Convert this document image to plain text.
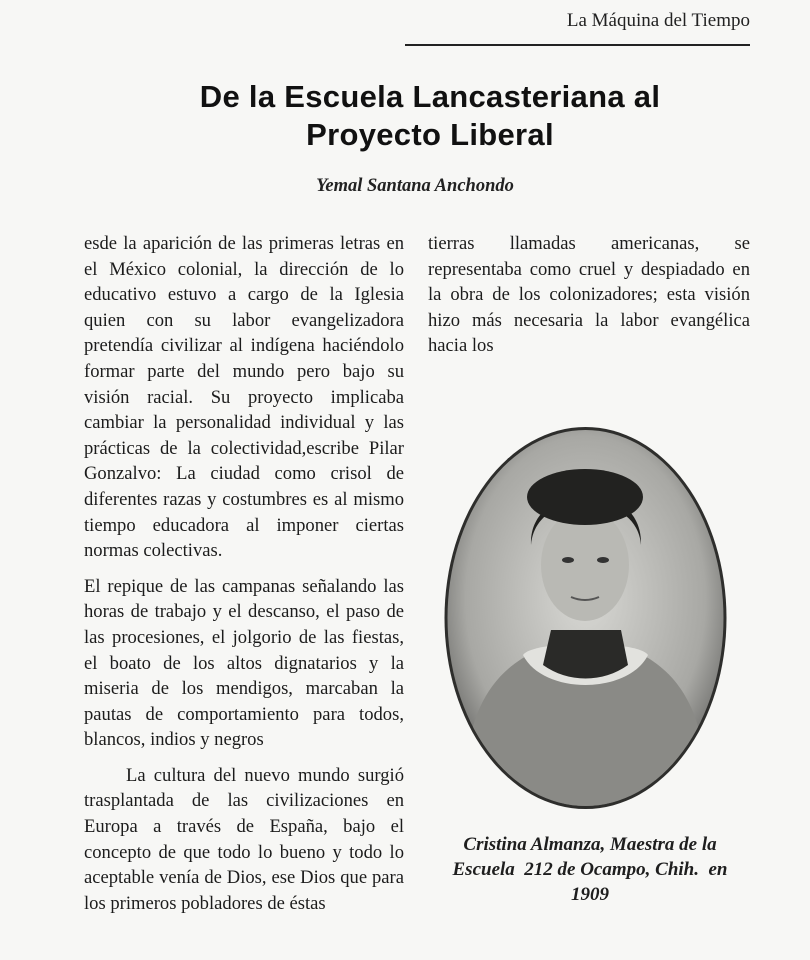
La Máquina del Tiempo
De la Escuela Lancasteriana al
Proyecto Liberal
Yemal Santana Anchondo

esde la aparición de las primeras letras en el México colonial, la dirección de lo educativo estuvo a cargo de la Iglesia quien con su labor evangelizadora pretendía civilizar al indígena haciéndolo formar parte del mundo pero bajo su visión racial. Su proyecto implicaba cambiar la personalidad individual y las prácticas de la colectividad,escribe Pilar Gonzalvo: La ciudad como crisol de diferentes razas y costumbres es al mismo tiempo educadora al imponer ciertas normas colectivas.

El repique de las campanas señalando las horas de trabajo y el descanso, el paso de las procesiones, el jolgorio de las fiestas, el boato de los altos dignatarios y la miseria de los mendigos, marcaban la pautas de comportamiento para todos, blancos, indios y negros

La cultura del nuevo mundo surgió trasplantada de las civilizaciones en Europa a través de España, bajo el concepto de que todo lo bueno y todo lo aceptable venía de Dios, ese Dios que para los primeros pobladores de éstas

tierras llamadas americanas, se representaba como cruel y despiadado en la obra de los colonizadores; esta visión hizo más necesaria la labor evangélica hacia los

Cristina Almanza, Maestra de la
Escuela  212 de Ocampo, Chih.  en
1909
